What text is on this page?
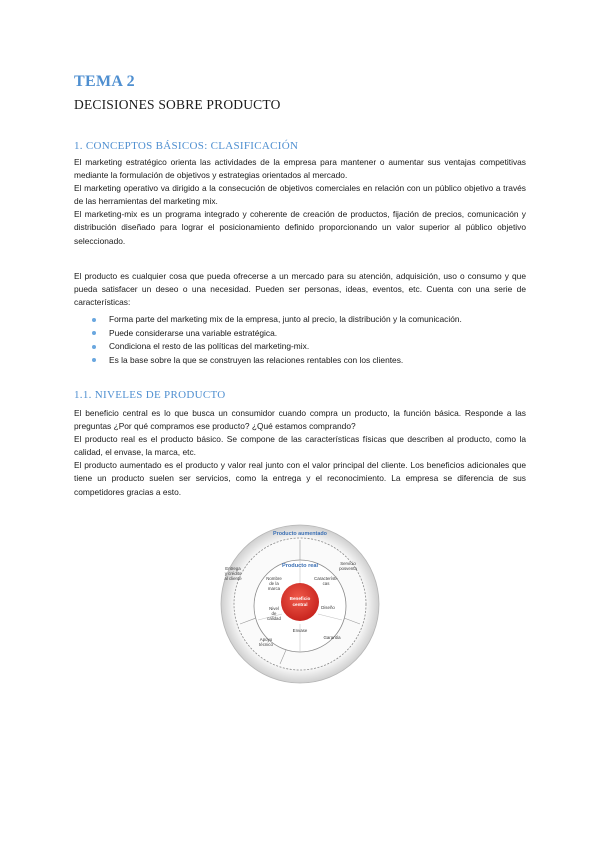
TEMA 2
DECISIONES SOBRE PRODUCTO
1. CONCEPTOS BÁSICOS: CLASIFICACIÓN

El marketing estratégico orienta las actividades de la empresa para mantener o aumentar sus ventajas competitivas mediante la formulación de objetivos y estrategias orientados al mercado.

El marketing operativo va dirigido a la consecución de objetivos comerciales en relación con un público objetivo a través de las herramientas del marketing mix.

El marketing-mix es un programa integrado y coherente de creación de productos, fijación de precios, comunicación y distribución diseñado para lograr el posicionamiento definido proporcionando un valor superior al público objetivo seleccionado.

El producto es cualquier cosa que pueda ofrecerse a un mercado para su atención, adquisición, uso o consumo y que pueda satisfacer un deseo o una necesidad. Pueden ser personas, ideas, eventos, etc. Cuenta con una serie de características:
Forma parte del marketing mix de la empresa, junto al precio, la distribución y la comunicación.
Puede considerarse una variable estratégica.
Condiciona el resto de las políticas del marketing-mix.
Es la base sobre la que se construyen las relaciones rentables con los clientes.
1.1. NIVELES DE PRODUCTO

El beneficio central es lo que busca un consumidor cuando compra un producto, la función básica. Responde a las preguntas ¿Por qué compramos ese producto? ¿Qué estamos comprando?

El producto real es el producto básico. Se compone de las características físicas que describen al producto, como la calidad, el envase, la marca, etc.

El producto aumentado es el producto y valor real junto con el valor principal del cliente. Los beneficios adicionales que tiene un producto suelen ser servicios, como la entrega y el reconocimiento. La empresa se diferencia de sus competidores gracias a esto.

Producto aumentado
Producto real
Beneficio
central
Entrega
y crédito
al cliente
Servicio
posventa
Garantía
Apoyo
técnico
Nombre
de la
marca
Característi-
cas
Diseño
Envase
Nivel
de
calidad
